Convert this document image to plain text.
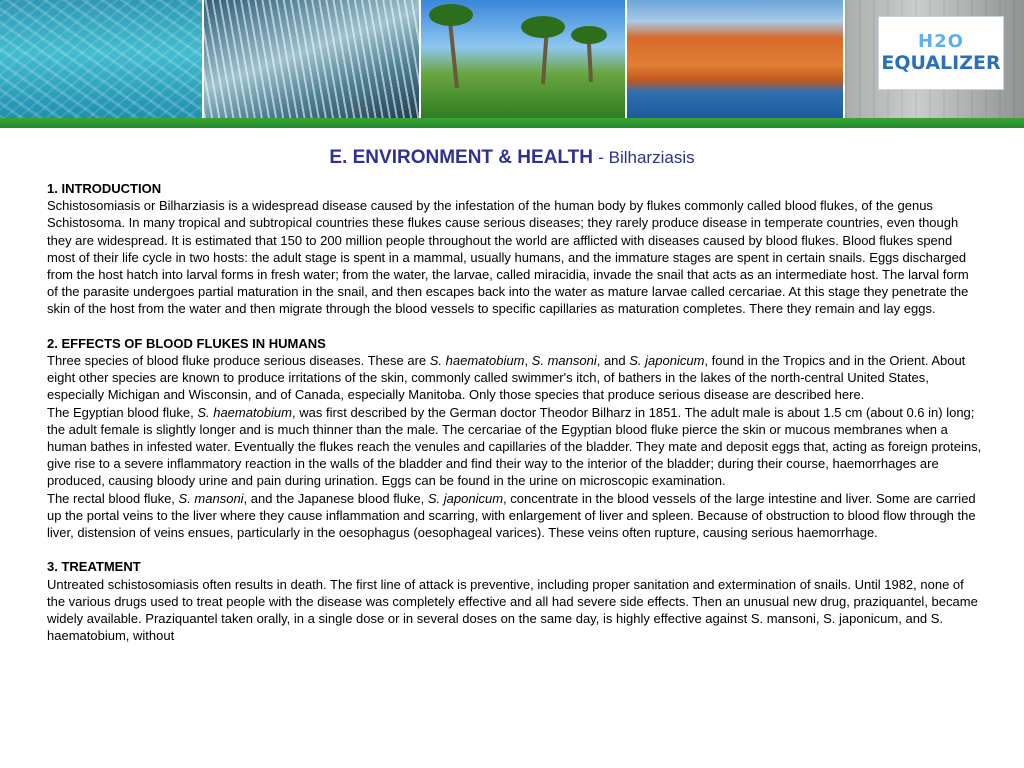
H2O
EQUALIZER
E. ENVIRONMENT & HEALTH - Bilharziasis

1. INTRODUCTION

Schistosomiasis or Bilharziasis is a widespread disease caused by the infestation of the human body by flukes commonly called blood flukes, of the genus Schistosoma. In many tropical and subtropical countries these flukes cause serious diseases; they rarely produce disease in temperate countries, even though they are widespread. It is estimated that 150 to 200 million people throughout the world are afflicted with diseases caused by blood flukes. Blood flukes spend most of their life cycle in two hosts: the adult stage is spent in a mammal, usually humans, and the immature stages are spent in certain snails. Eggs discharged from the host hatch into larval forms in fresh water; from the water, the larvae, called miracidia, invade the snail that acts as an intermediate host. The larval form of the parasite undergoes partial maturation in the snail, and then escapes back into the water as mature larvae called cercariae. At this stage they penetrate the skin of the host from the water and then migrate through the blood vessels to specific capillaries as maturation completes. There they remain and lay eggs.

2. EFFECTS OF BLOOD FLUKES IN HUMANS

Three species of blood fluke produce serious diseases. These are S. haematobium, S. mansoni, and S. japonicum, found in the Tropics and in the Orient. About eight other species are known to produce irritations of the skin, commonly called swimmer's itch, of bathers in the lakes of the north-central United States, especially Michigan and Wisconsin, and of Canada, especially Manitoba. Only those species that produce serious disease are described here.

The Egyptian blood fluke, S. haematobium, was first described by the German doctor Theodor Bilharz in 1851. The adult male is about 1.5 cm (about 0.6 in) long; the adult female is slightly longer and is much thinner than the male. The cercariae of the Egyptian blood fluke pierce the skin or mucous membranes when a human bathes in infested water. Eventually the flukes reach the venules and capillaries of the bladder. They mate and deposit eggs that, acting as foreign proteins, give rise to a severe inflammatory reaction in the walls of the bladder and find their way to the interior of the bladder; during their course, haemorrhages are produced, causing bloody urine and pain during urination. Eggs can be found in the urine on microscopic examination.

The rectal blood fluke, S. mansoni, and the Japanese blood fluke, S. japonicum, concentrate in the blood vessels of the large intestine and liver. Some are carried up the portal veins to the liver where they cause inflammation and scarring, with enlargement of liver and spleen. Because of obstruction to blood flow through the liver, distension of veins ensues, particularly in the oesophagus (oesophageal varices). These veins often rupture, causing serious haemorrhage.

3. TREATMENT

Untreated schistosomiasis often results in death. The first line of attack is preventive, including proper sanitation and extermination of snails. Until 1982, none of the various drugs used to treat people with the disease was completely effective and all had severe side effects. Then an unusual new drug, praziquantel, became widely available. Praziquantel taken orally, in a single dose or in several doses on the same day, is highly effective against S. mansoni, S. japonicum, and S. haematobium, without
